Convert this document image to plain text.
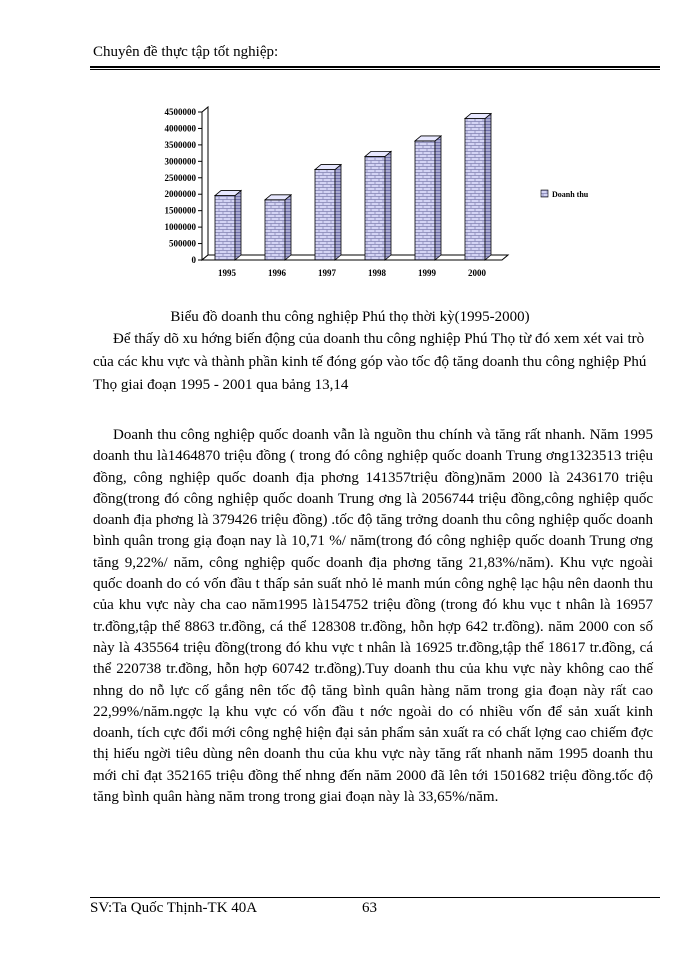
Chuyên đề thực tập tốt nghiệp:
0
500000
1000000
1500000
2000000
2500000
3000000
3500000
4000000
4500000
1995	1996	1997	1998	1999	2000
Doanh thu
Biểu đồ doanh thu công nghiệp Phú thọ thời kỳ(1995-2000)

Để thấy dõ xu hớng biến động của doanh thu công nghiệp Phú Thọ từ đó xem xét vai trò của các khu vực và thành phần kinh tế đóng góp vào tốc độ tăng doanh thu công nghiệp Phú Thọ giai đoạn 1995 - 2001 qua bảng 13,14

Doanh thu công nghiệp quốc doanh vẫn là nguồn thu chính và tăng rất nhanh. Năm 1995 doanh thu là1464870 triệu đồng ( trong đó công nghiệp quốc doanh Trung ơng1323513 triệu đồng, công nghiệp quốc doanh địa phơng 141357triệu đồng)năm 2000 là 2436170 triệu đồng(trong đó công nghiệp quốc doanh Trung ơng là 2056744 triệu đồng,công nghiệp quốc doanh địa phơng là 379426 triệu đồng) .tốc độ tăng trởng doanh thu công nghiệp quốc doanh bình quân trong giạ đoạn nay là 10,71 %/ năm(trong đó công nghiệp quốc doanh Trung ơng tăng 9,22%/ năm, công nghiệp quốc doanh địa phơng tăng 21,83%/năm). Khu vực ngoài quốc doanh do có vốn đầu t thấp sản suất nhỏ lẻ manh mún công nghệ lạc hậu nên daonh thu của khu vực này cha cao năm1995 là154752 triệu đồng (trong đó khu vục t nhân là 16957 tr.đồng,tập thể 8863 tr.đồng, cá thể 128308 tr.đồng, hỗn hợp 642 tr.đồng). năm 2000 con số này là 435564 triệu đồng(trong đó khu vực t nhân là 16925 tr.đồng,tập thể 18617 tr.đồng, cá thể 220738 tr.đồng, hỗn hợp 60742 tr.đồng).Tuy doanh thu của khu vực này không cao thế nhng do nỗ lực cố gắng nên tốc độ tăng bình quân hàng năm trong gia đoạn này rất cao 22,99%/năm.ngợc lạ khu vực có vốn đầu t nớc ngoài do có nhiều vốn để sản xuất kinh doanh, tích cực đổi mới công nghệ hiện đại sản phẩm sản xuất ra có chất lợng cao chiếm đợc thị hiếu ngời tiêu dùng nên doanh thu của khu vực này tăng rất nhanh năm 1995 doanh thu mới chỉ đạt 352165 triệu đồng thế nhng đến năm 2000 đã lên tới 1501682 triệu đồng.tốc độ tăng bình quân hàng năm trong trong giai đoạn này là 33,65%/năm.

SV:Ta Quốc Thịnh-TK 40A	63
